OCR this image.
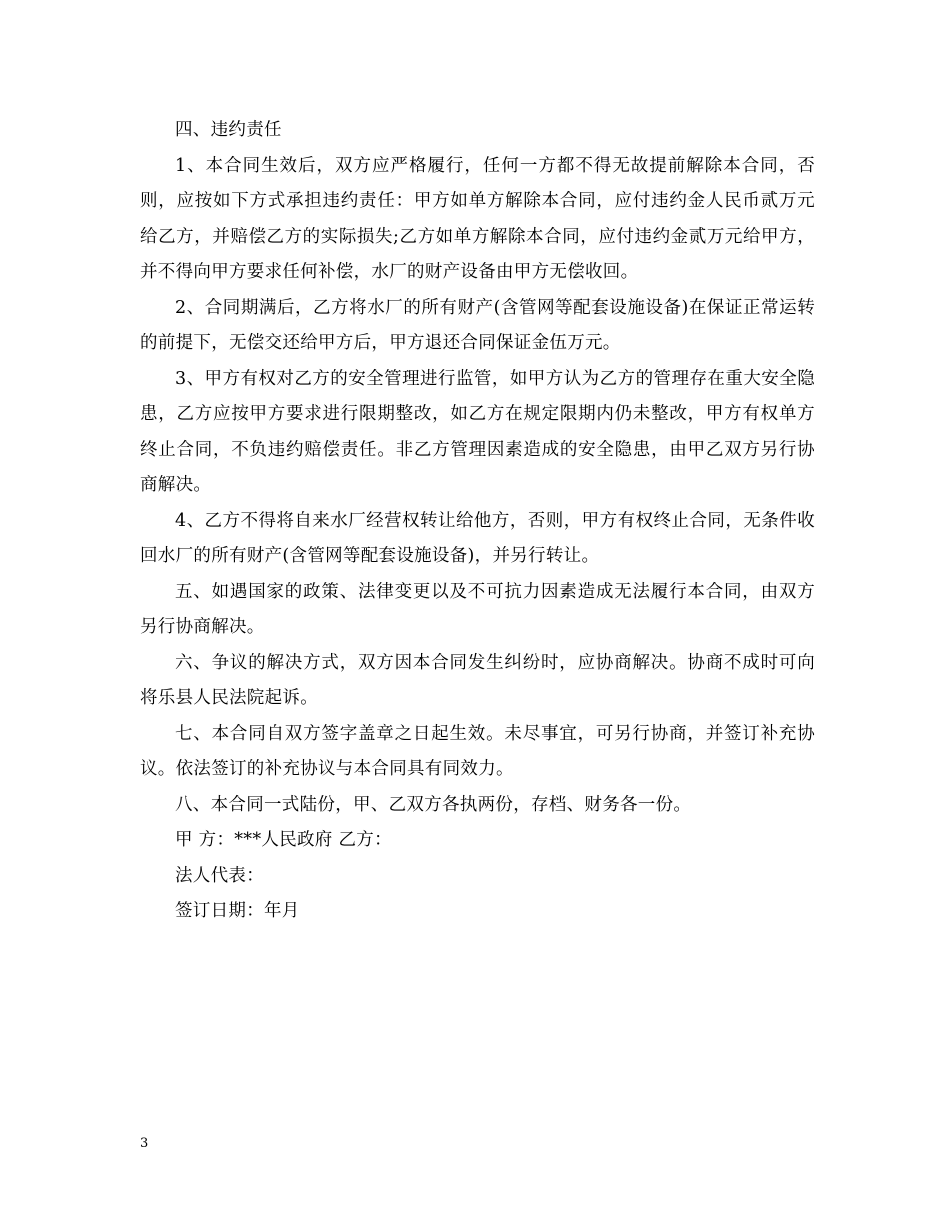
四、违约责任

1、本合同生效后，双方应严格履行，任何一方都不得无故提前解除本合同，否则，应按如下方式承担违约责任：甲方如单方解除本合同，应付违约金人民币贰万元给乙方，并赔偿乙方的实际损失;乙方如单方解除本合同，应付违约金贰万元给甲方，并不得向甲方要求任何补偿，水厂的财产设备由甲方无偿收回。

2、合同期满后，乙方将水厂的所有财产(含管网等配套设施设备)在保证正常运转的前提下，无偿交还给甲方后，甲方退还合同保证金伍万元。

3、甲方有权对乙方的安全管理进行监管，如甲方认为乙方的管理存在重大安全隐患，乙方应按甲方要求进行限期整改，如乙方在规定限期内仍未整改，甲方有权单方终止合同，不负违约赔偿责任。非乙方管理因素造成的安全隐患，由甲乙双方另行协商解决。

4、乙方不得将自来水厂经营权转让给他方，否则，甲方有权终止合同，无条件收回水厂的所有财产(含管网等配套设施设备)，并另行转让。

五、如遇国家的政策、法律变更以及不可抗力因素造成无法履行本合同，由双方另行协商解决。

六、争议的解决方式，双方因本合同发生纠纷时，应协商解决。协商不成时可向将乐县人民法院起诉。

七、本合同自双方签字盖章之日起生效。未尽事宜，可另行协商，并签订补充协议。依法签订的补充协议与本合同具有同效力。

八、本合同一式陆份，甲、乙双方各执两份，存档、财务各一份。

甲 方：***人民政府 乙方：

法人代表：

签订日期：年月

3
